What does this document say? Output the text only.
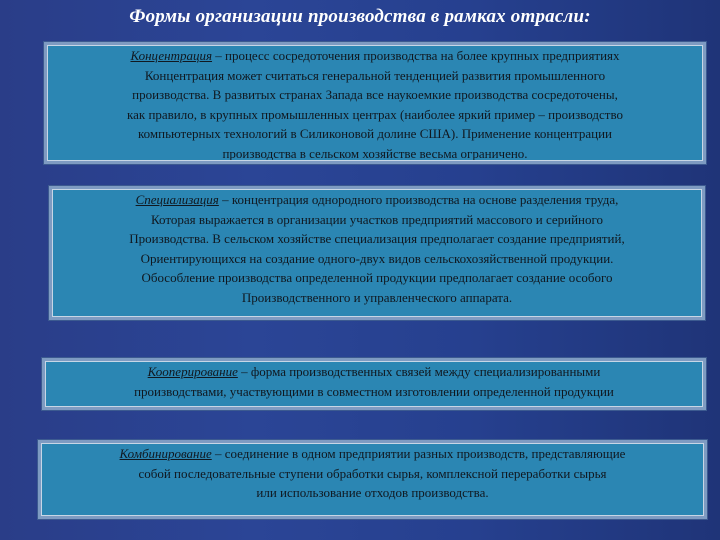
Формы организации производства в рамках отрасли:

Концентрация – процесс сосредоточения производства на более крупных предприятиях

Концентрация может считаться генеральной тенденцией развития промышленного

производства. В развитых странах Запада все наукоемкие производства сосредоточены,

как правило, в крупных промышленных центрах (наиболее яркий пример – производство

компьютерных технологий в Силиконовой долине США). Применение концентрации

производства в сельском хозяйстве весьма ограничено.

Специализация – концентрация однородного производства на основе разделения труда,

Которая выражается в организации участков предприятий массового и серийного

Производства. В сельском хозяйстве специализация предполагает создание предприятий,

Ориентирующихся на создание одного-двух видов сельскохозяйственной продукции.

Обособление производства определенной продукции предполагает создание особого

Производственного и управленческого аппарата.

Кооперирование – форма производственных связей между специализированными

производствами, участвующими в совместном изготовлении определенной продукции

Комбинирование – соединение в одном предприятии разных производств, представляющие

собой последовательные ступени обработки сырья, комплексной переработки сырья

или использование отходов производства.
